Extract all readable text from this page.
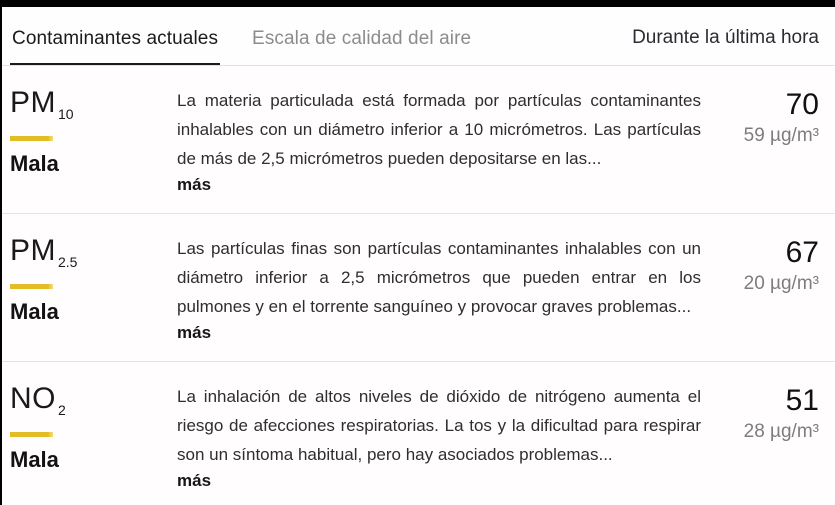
Contaminantes actuales Escala de calidad del aire	Durante la última hora
PM $_{10}$
Mala
La materia particulada está formada por partículas contaminantes inhalables con un diámetro inferior a 10 micrómetros. Las partículas de más de 2,5 micrómetros pueden depositarse en las...
más
70
59 µg/m³
PM $_{2.5}$
Mala
Las partículas finas son partículas contaminantes inhalables con un diámetro inferior a 2,5 micrómetros que pueden entrar en los pulmones y en el torrente sanguíneo y provocar graves problemas...
más
67
20 µg/m³
NO $_2$
Mala
La inhalación de altos niveles de dióxido de nitrógeno aumenta el riesgo de afecciones respiratorias. La tos y la dificultad para respirar son un síntoma habitual, pero hay asociados problemas...
más
51
28 µg/m³
